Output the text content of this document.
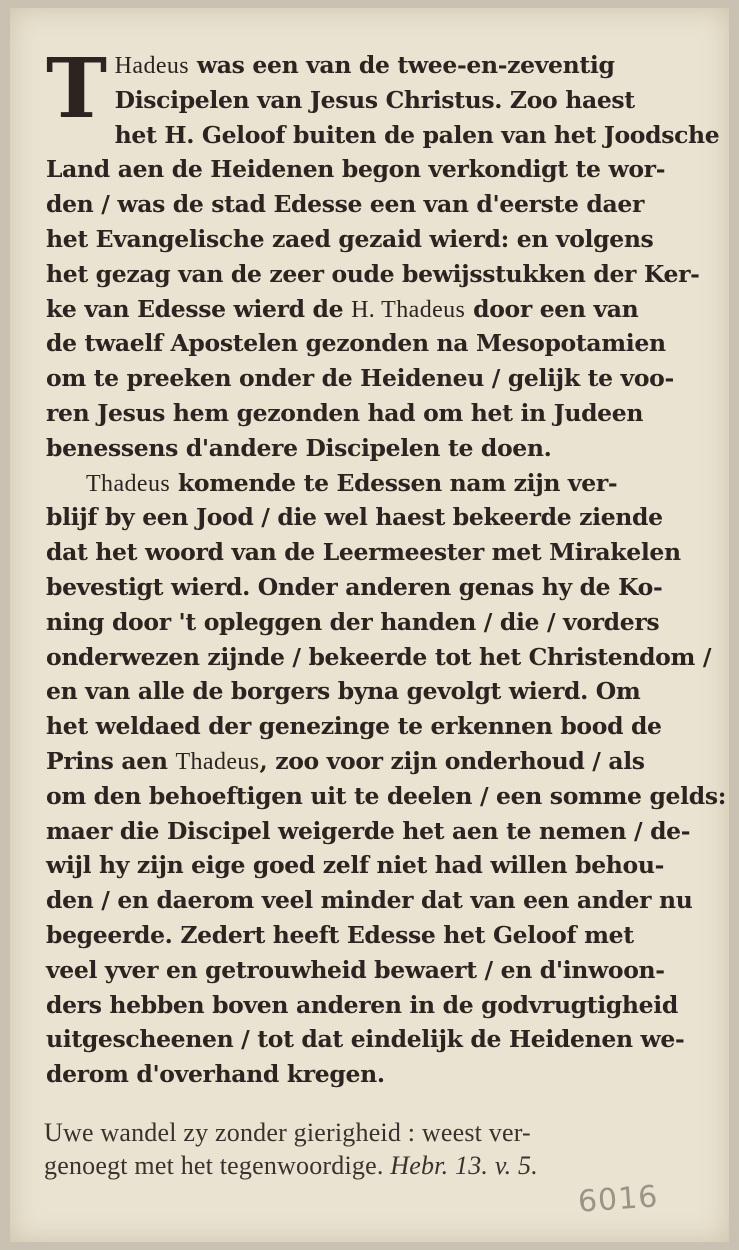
T Hadeus was een van de twee-en-zeventig
Discipelen van Jesus Christus. Zoo haest
het H. Geloof buiten de palen van het Joodsche
Land aen de Heidenen begon verkondigt te wor-
den / was de stad Edesse een van d'eerste daer
het Evangelische zaed gezaid wierd: en volgens
het gezag van de zeer oude bewijsstukken der Ker-
ke van Edesse wierd de H. Thadeus door een van
de twaelf Apostelen gezonden na Mesopotamien
om te preeken onder de Heideneu / gelijk te voo-
ren Jesus hem gezonden had om het in Judeen
benessens d'andere Discipelen te doen.
Thadeus komende te Edessen nam zijn ver-
blijf by een Jood / die wel haest bekeerde ziende
dat het woord van de Leermeester met Mirakelen
bevestigt wierd. Onder anderen genas hy de Ko-
ning door 't opleggen der handen / die / vorders
onderwezen zijnde / bekeerde tot het Christendom /
en van alle de borgers byna gevolgt wierd. Om
het weldaed der genezinge te erkennen bood de
Prins aen Thadeus, zoo voor zijn onderhoud / als
om den behoeftigen uit te deelen / een somme gelds:
maer die Discipel weigerde het aen te nemen / de-
wijl hy zijn eige goed zelf niet had willen behou-
den / en daerom veel minder dat van een ander nu
begeerde. Zedert heeft Edesse het Geloof met
veel yver en getrouwheid bewaert / en d'inwoon-
ders hebben boven anderen in de godvrugtigheid
uitgescheenen / tot dat eindelijk de Heidenen we-
derom d'overhand kregen.
Uwe wandel zy zonder gierigheid : weest ver-
genoegt met het tegenwoordige. Hebr. 13. v. 5.
6016
